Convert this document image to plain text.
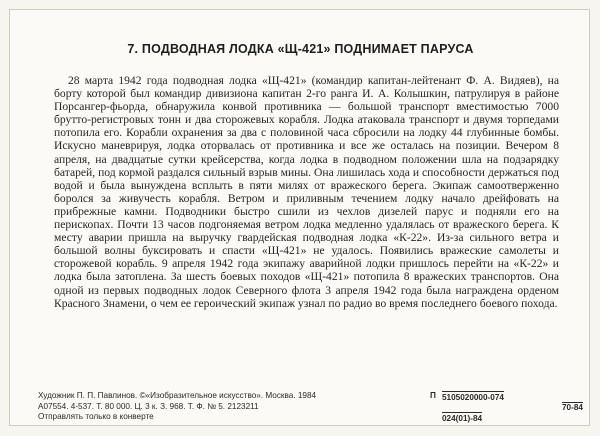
7. ПОДВОДНАЯ ЛОДКА «Щ-421» ПОДНИМАЕТ ПАРУСА

28 марта 1942 года подводная лодка «Щ-421» (командир капитан-лейтенант Ф. А. Видяев), на борту которой был командир дивизиона капитан 2-го ранга И. А. Колышкин, патрулируя в районе Порсангер-фьорда, обнаружила конвой противника — большой транспорт вместимостью 7000 брутто-регистровых тонн и два сторожевых корабля. Лодка атаковала транспорт и двумя торпедами потопила его. Корабли охранения за два с половиной часа сбросили на лодку 44 глубинные бомбы. Искусно маневрируя, лодка оторвалась от противника и все же осталась на позиции. Вечером 8 апреля, на двадцатые сутки крейсерства, когда лодка в подводном положении шла на подзарядку батарей, под кормой раздался сильный взрыв мины. Она лишилась хода и способности держаться под водой и была вынуждена всплыть в пяти милях от вражеского берега. Экипаж самоотверженно боролся за живучесть корабля. Ветром и приливным течением лодку начало дрейфовать на прибрежные камни. Подводники быстро сшили из чехлов дизелей парус и подняли его на перископах. Почти 13 часов подгоняемая ветром лодка медленно удалялась от вражеского берега. К месту аварии пришла на выручку гвардейская подводная лодка «К-22». Из-за сильного ветра и большой волны буксировать и спасти «Щ-421» не удалось. Появились вражеские самолеты и сторожевой корабль. 9 апреля 1942 года экипажу аварийной лодки пришлось перейти на «К-22» и лодка была затоплена. За шесть боевых походов «Щ-421» потопила 8 вражеских транспортов. Она одной из первых подводных лодок Северного флота 3 апреля 1942 года была награждена орденом Красного Знамени, о чем ее героический экипаж узнал по радио во время последнего боевого похода.

Художник П. П. Павлинов. ©«Изобразительное искусство». Москва. 1984
А07554. 4-537. Т. 80 000. Ц. 3 к. З. 968. Т. Ф. № 5. 2123211
Отправлять только в конверте
П 5105020000-074
70-84
024(01)-84
